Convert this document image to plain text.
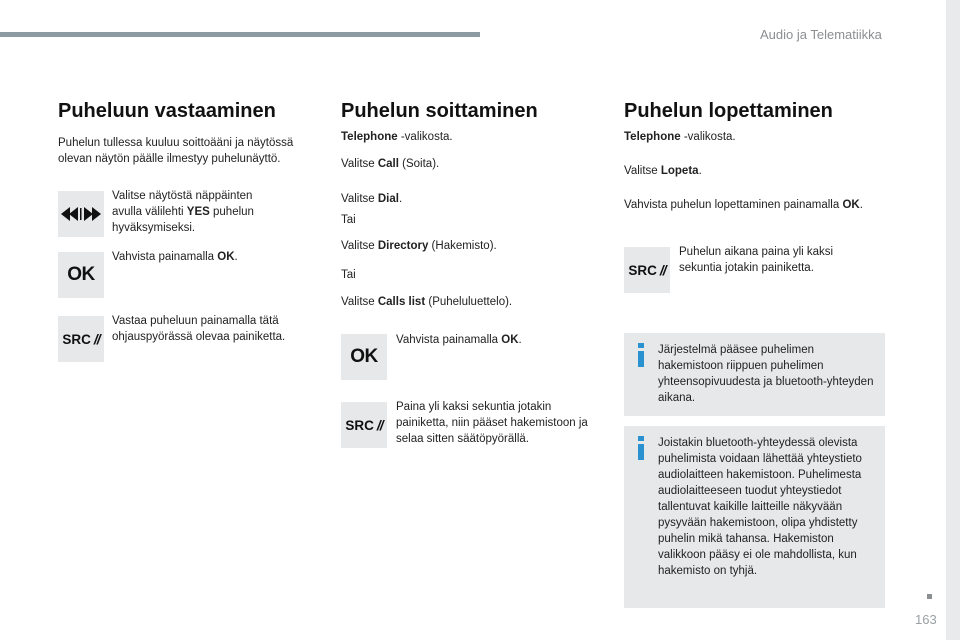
Audio ja Telematiikka
Puheluun vastaaminen

Puhelun tullessa kuuluu soittoääni ja näytössä olevan näytön päälle ilmestyy puhelunäyttö.

Valitse näytöstä näppäinten avulla välilehti YES puhelun hyväksymiseksi.
OK
Vahvista painamalla OK.
SRC //
Vastaa puheluun painamalla tätä ohjauspyörässä olevaa painiketta.
Puhelun soittaminen
Telephone -valikosta.
Valitse Call (Soita).
Valitse Dial.
Tai
Valitse Directory (Hakemisto).
Tai
Valitse Calls list (Puheluluettelo).
OK
Vahvista painamalla OK.
SRC //
Paina yli kaksi sekuntia jotakin painiketta, niin pääset hakemistoon ja selaa sitten säätöpyörällä.
Puhelun lopettaminen
Telephone -valikosta.
Valitse Lopeta.
Vahvista puhelun lopettaminen painamalla OK.
SRC //
Puhelun aikana paina yli kaksi sekuntia jotakin painiketta.
Järjestelmä pääsee puhelimen hakemistoon riippuen puhelimen yhteensopivuudesta ja bluetooth-yhteyden aikana.
Joistakin bluetooth-yhteydessä olevista puhelimista voidaan lähettää yhteystieto audiolaitteen hakemistoon. Puhelimesta audiolaitteeseen tuodut yhteystiedot tallentuvat kaikille laitteille näkyvään pysyvään hakemistoon, olipa yhdistetty puhelin mikä tahansa. Hakemiston valikkoon pääsy ei ole mahdollista, kun hakemisto on tyhjä.
163
